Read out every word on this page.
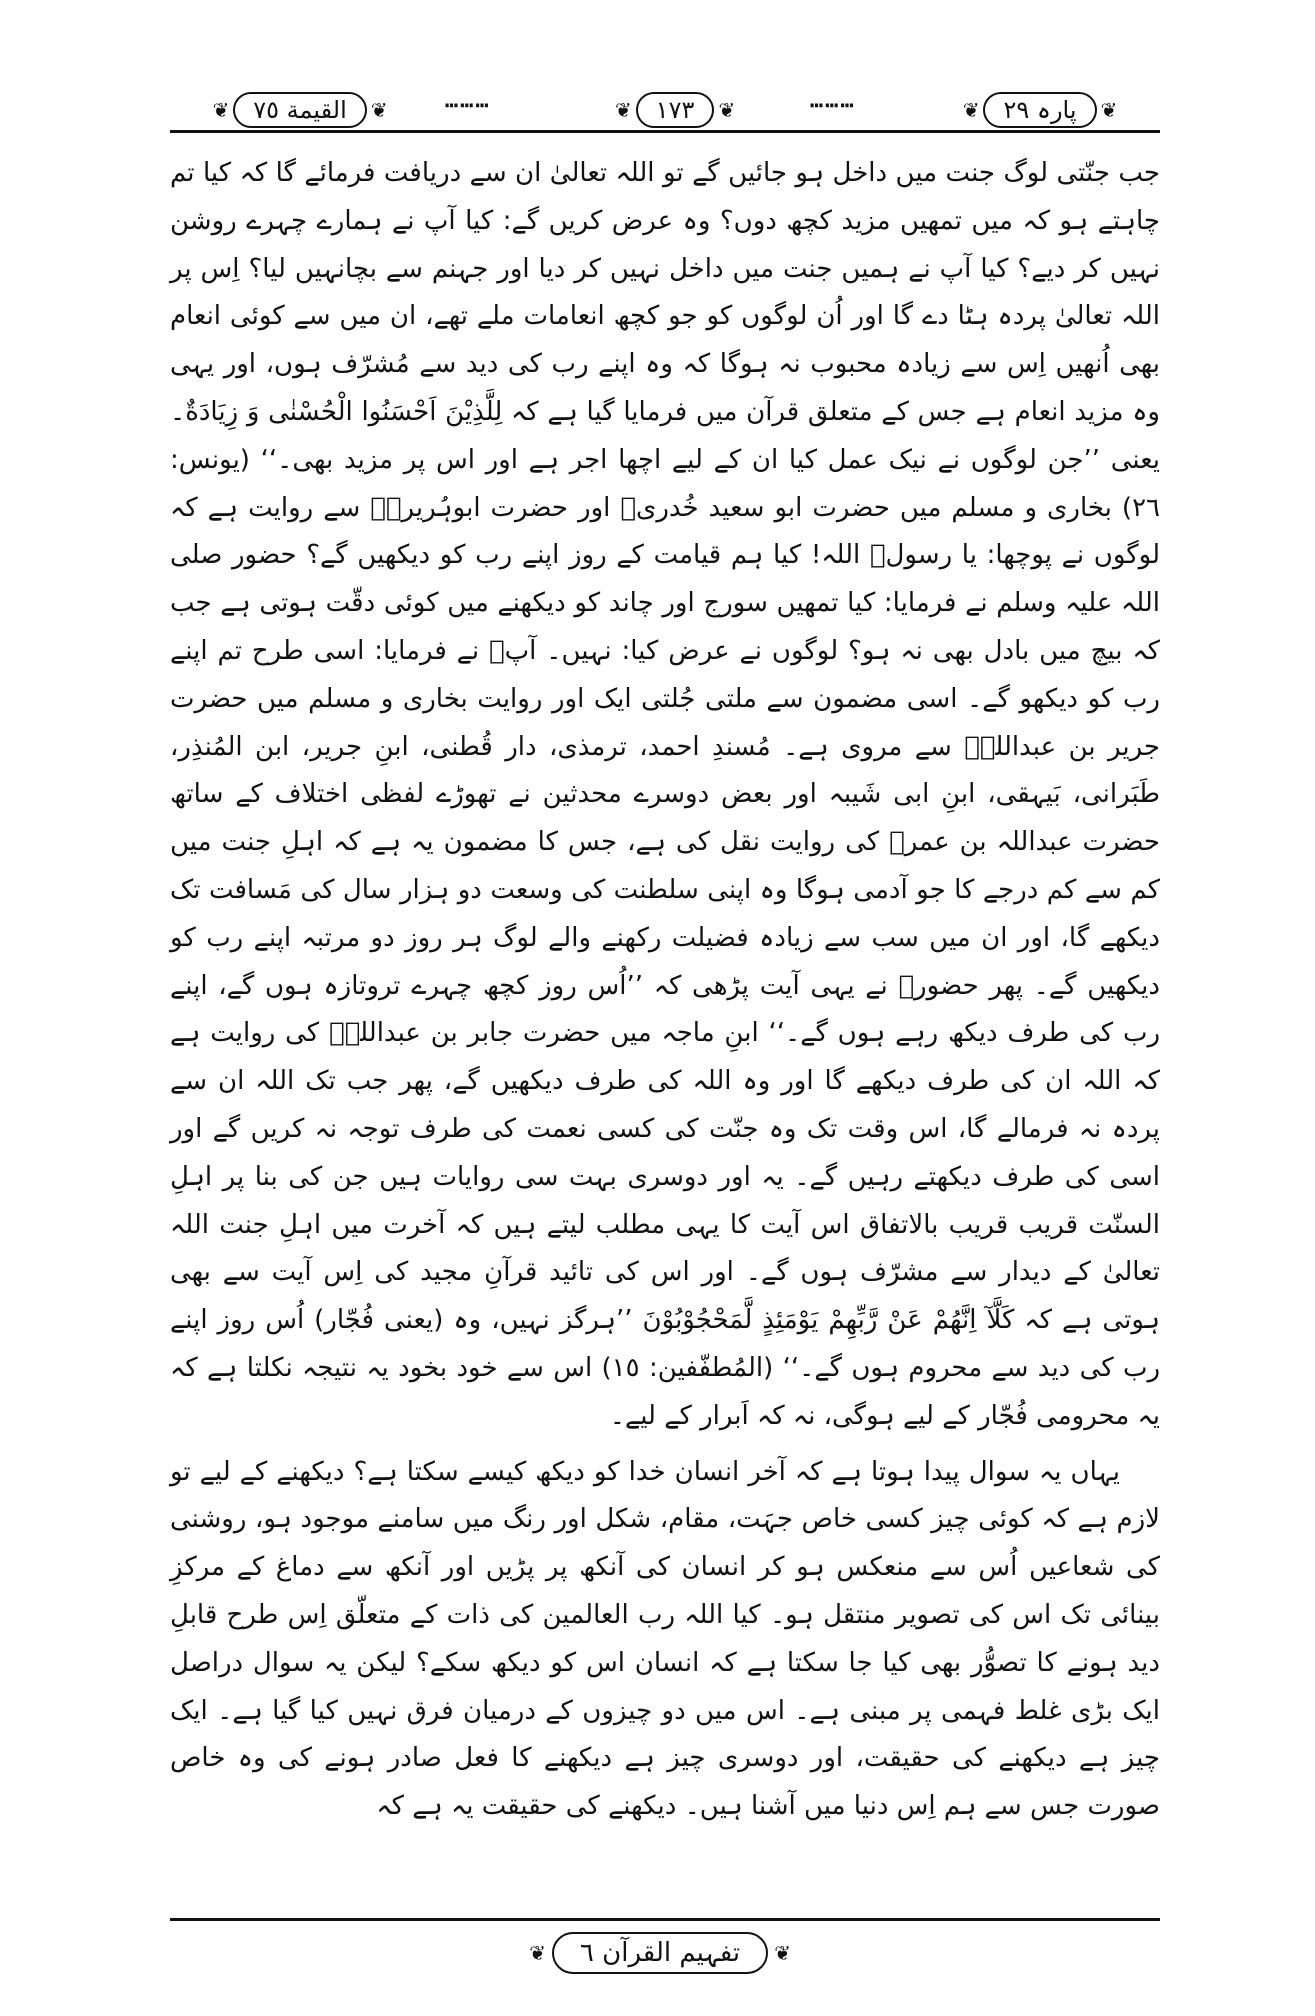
❦
القیمة ٧٥
❦	┅┅┅	❦
١٧٣
❦	┅┅┅	❦
پارہ ٢٩
❦

جب جنّتی لوگ جنت میں داخل ہو جائیں گے تو اللہ تعالیٰ ان سے دریافت فرمائے گا کہ کیا تم چاہتے ہو کہ میں تمھیں مزید کچھ دوں؟ وہ عرض کریں گے: کیا آپ نے ہمارے چہرے روشن نہیں کر دیے؟ کیا آپ نے ہمیں جنت میں داخل نہیں کر دیا اور جہنم سے بچانہیں لیا؟ اِس پر اللہ تعالیٰ پردہ ہٹا دے گا اور اُن لوگوں کو جو کچھ انعامات ملے تھے، ان میں سے کوئی انعام بھی اُنھیں اِس سے زیادہ محبوب نہ ہوگا کہ وہ اپنے رب کی دید سے مُشرّف ہوں، اور یہی وہ مزید انعام ہے جس کے متعلق قرآن میں فرمایا گیا ہے کہ لِلَّذِیْنَ اَحْسَنُوا الْحُسْنٰی وَ زِیَادَةٌ۔ یعنی ’’جن لوگوں نے نیک عمل کیا ان کے لیے اچھا اجر ہے اور اس پر مزید بھی۔‘‘ (یونس: ٢٦) بخاری و مسلم میں حضرت ابو سعید خُدریؓ اور حضرت ابوہُریرہؓ سے روایت ہے کہ لوگوں نے پوچھا: یا رسولؐ اللہ! کیا ہم قیامت کے روز اپنے رب کو دیکھیں گے؟ حضور صلی اللہ علیہ وسلم نے فرمایا: کیا تمھیں سورج اور چاند کو دیکھنے میں کوئی دقّت ہوتی ہے جب کہ بیچ میں بادل بھی نہ ہو؟ لوگوں نے عرض کیا: نہیں۔ آپؐ نے فرمایا: اسی طرح تم اپنے رب کو دیکھو گے۔ اسی مضمون سے ملتی جُلتی ایک اور روایت بخاری و مسلم میں حضرت جریر بن عبداللہؓ سے مروی ہے۔ مُسندِ احمد، ترمذی، دار قُطنی، ابنِ جریر، ابن المُنذِر، طَبَرانی، بَیہقی، ابنِ ابی شَیبہ اور بعض دوسرے محدثین نے تھوڑے لفظی اختلاف کے ساتھ حضرت عبداللہ بن عمرؓ کی روایت نقل کی ہے، جس کا مضمون یہ ہے کہ اہلِ جنت میں کم سے کم درجے کا جو آدمی ہوگا وہ اپنی سلطنت کی وسعت دو ہزار سال کی مَسافت تک دیکھے گا، اور ان میں سب سے زیادہ فضیلت رکھنے والے لوگ ہر روز دو مرتبہ اپنے رب کو دیکھیں گے۔ پھر حضورؐ نے یہی آیت پڑھی کہ ’’اُس روز کچھ چہرے تروتازہ ہوں گے، اپنے رب کی طرف دیکھ رہے ہوں گے۔‘‘ ابنِ ماجہ میں حضرت جابر بن عبداللہؓ کی روایت ہے کہ اللہ ان کی طرف دیکھے گا اور وہ اللہ کی طرف دیکھیں گے، پھر جب تک اللہ ان سے پردہ نہ فرمالے گا، اس وقت تک وہ جنّت کی کسی نعمت کی طرف توجہ نہ کریں گے اور اسی کی طرف دیکھتے رہیں گے۔ یہ اور دوسری بہت سی روایات ہیں جن کی بنا پر اہلِ السنّت قریب قریب بالاتفاق اس آیت کا یہی مطلب لیتے ہیں کہ آخرت میں اہلِ جنت اللہ تعالیٰ کے دیدار سے مشرّف ہوں گے۔ اور اس کی تائید قرآنِ مجید کی اِس آیت سے بھی ہوتی ہے کہ كَلَّآ اِنَّهُمْ عَنْ رَّبِّهِمْ يَوْمَئِذٍ لَّمَحْجُوْبُوْنَ ’’ہرگز نہیں، وہ (یعنی فُجّار) اُس روز اپنے رب کی دید سے محروم ہوں گے۔‘‘ (المُطفّفین: ١٥) اس سے خود بخود یہ نتیجہ نکلتا ہے کہ یہ محرومی فُجّار کے لیے ہوگی، نہ کہ اَبرار کے لیے۔

یہاں یہ سوال پیدا ہوتا ہے کہ آخر انسان خدا کو دیکھ کیسے سکتا ہے؟ دیکھنے کے لیے تو لازم ہے کہ کوئی چیز کسی خاص جہَت، مقام، شکل اور رنگ میں سامنے موجود ہو، روشنی کی شعاعیں اُس سے منعکس ہو کر انسان کی آنکھ پر پڑیں اور آنکھ سے دماغ کے مرکزِ بینائی تک اس کی تصویر منتقل ہو۔ کیا اللہ رب العالمین کی ذات کے متعلّق اِس طرح قابلِ دید ہونے کا تصوُّر بھی کیا جا سکتا ہے کہ انسان اس کو دیکھ سکے؟ لیکن یہ سوال دراصل ایک بڑی غلط فہمی پر مبنی ہے۔ اس میں دو چیزوں کے درمیان فرق نہیں کیا گیا ہے۔ ایک چیز ہے دیکھنے کی حقیقت، اور دوسری چیز ہے دیکھنے کا فعل صادر ہونے کی وہ خاص صورت جس سے ہم اِس دنیا میں آشنا ہیں۔ دیکھنے کی حقیقت یہ ہے کہ

❦
تفہیم القرآن ٦
❦
